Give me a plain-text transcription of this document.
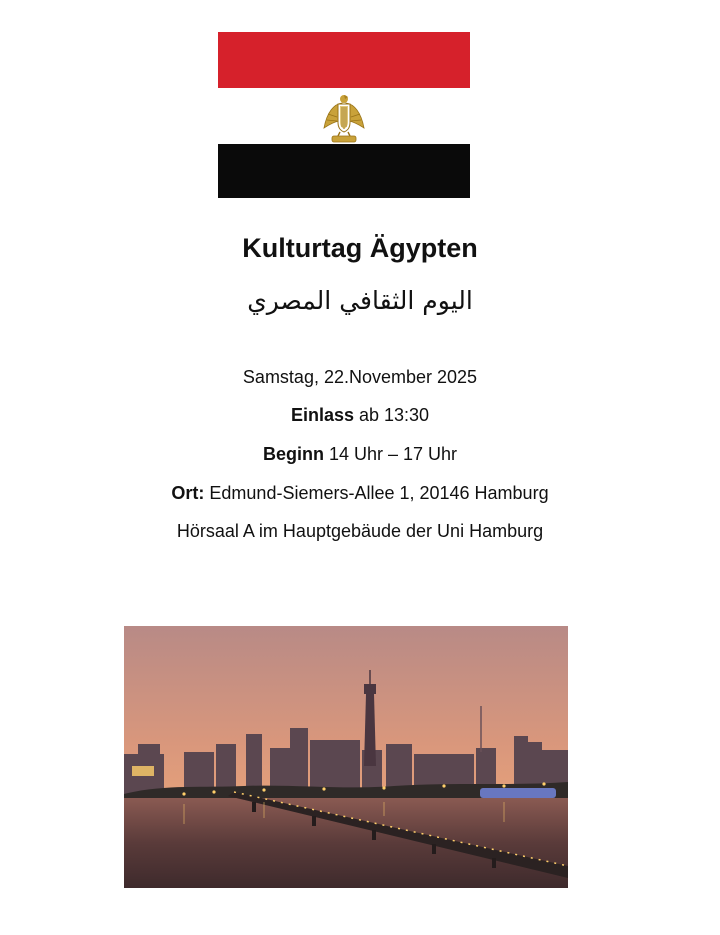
Kulturtag Ägypten
اليوم الثقافي المصري
Samstag, 22.November 2025
Einlass ab 13:30
Beginn 14 Uhr – 17 Uhr
Ort: Edmund-Siemers-Allee 1, 20146 Hamburg
Hörsaal A im Hauptgebäude der Uni Hamburg
